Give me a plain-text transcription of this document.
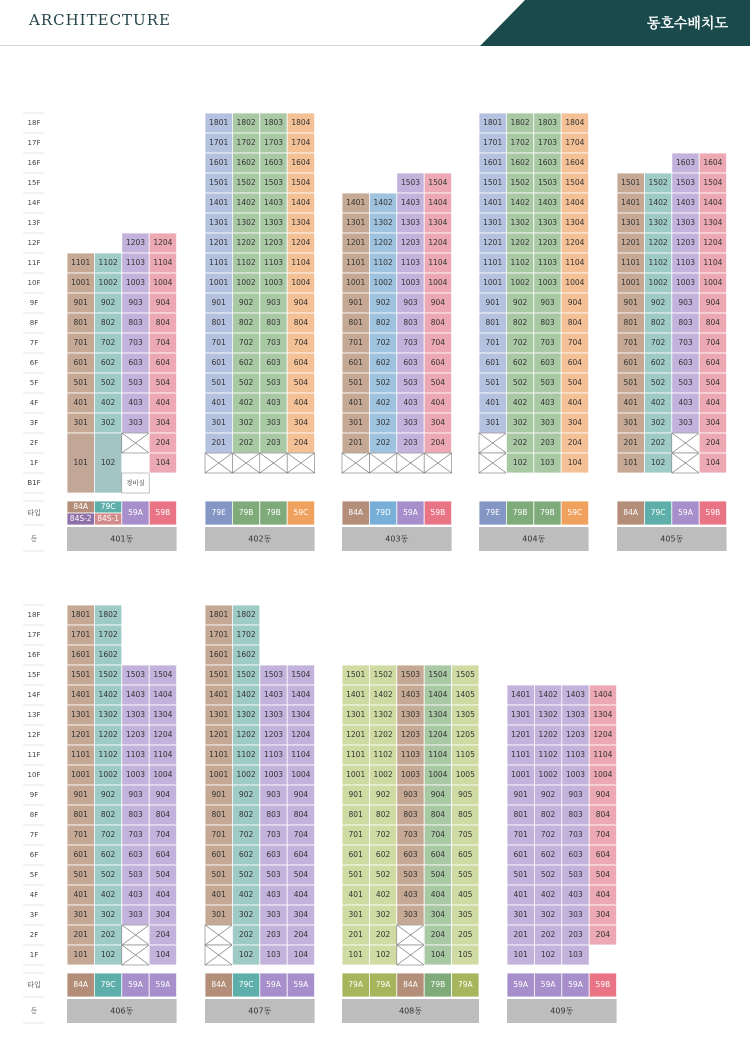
ARCHITECTURE	동호수배치도
18F
17F
16F
15F
14F
13F
12F
11F
10F
9F
8F
7F
6F
5F
4F
3F
2F
1F
B1F
타입
동
1101
1001
901
801
701
601
501
401
301
101
1102
1002
902
802
702
602
502
402
302
102
1203
1103
1003
903
803
703
603
503
403
303
경비실
1204
1104
1004
904
804
704
604
504
404
304
204
104
84A
84S-2
79C
84S-1
59A 59B
401동
1801
1701
1601
1501
1401
1301
1201
1101
1001
901
801
701
601
501
401
301
201
1802
1702
1602
1502
1402
1302
1202
1102
1002
902
802
702
602
502
402
302
202
1803
1703
1603
1503
1403
1303
1203
1103
1003
903
803
703
603
503
403
303
203
1804
1704
1604
1504
1404
1304
1204
1104
1004
904
804
704
604
504
404
304
204
79E 79B 79B 59C
402동
1401
1301
1201
1101
1001
901
801
701
601
501
401
301
201
1402
1302
1202
1102
1002
902
802
702
602
502
402
302
202
1503
1403
1303
1203
1103
1003
903
803
703
603
503
403
303
203
1504
1404
1304
1204
1104
1004
904
804
704
604
504
404
304
204
84A 79D 59A 59B
403동
1801
1701
1601
1501
1401
1301
1201
1101
1001
901
801
701
601
501
401
301
1802
1702
1602
1502
1402
1302
1202
1102
1002
902
802
702
602
502
402
302
202
102
1803
1703
1603
1503
1403
1303
1203
1103
1003
903
803
703
603
503
403
303
203
103
1804
1704
1604
1504
1404
1304
1204
1104
1004
904
804
704
604
504
404
304
204
104
79E 79B 79B 59C
404동
1501
1401
1301
1201
1101
1001
901
801
701
601
501
401
301
201
101
1502
1402
1302
1202
1102
1002
902
802
702
602
502
402
302
202
102
1603
1503
1403
1303
1203
1103
1003
903
803
703
603
503
403
303
1604
1504
1404
1304
1204
1104
1004
904
804
704
604
504
404
304
204
104
84A 79C 59A 59B
405동
18F
17F
16F
15F
14F
13F
12F
11F
10F
9F
8F
7F
6F
5F
4F
3F
2F
1F
타입
동
1801
1701
1601
1501
1401
1301
1201
1101
1001
901
801
701
601
501
401
301
201
101
1802
1702
1602
1502
1402
1302
1202
1102
1002
902
802
702
602
502
402
302
202
102
1503
1403
1303
1203
1103
1003
903
803
703
603
503
403
303
1504
1404
1304
1204
1104
1004
904
804
704
604
504
404
304
204
104
84A 79C 59A 59A
406동
1801
1701
1601
1501
1401
1301
1201
1101
1001
901
801
701
601
501
401
301
1802
1702
1602
1502
1402
1302
1202
1102
1002
902
802
702
602
502
402
302
202
102
1503
1403
1303
1203
1103
1003
903
803
703
603
503
403
303
203
103
1504
1404
1304
1204
1104
1004
904
804
704
604
504
404
304
204
104
84A 79C 59A 59A
407동
1501
1401
1301
1201
1101
1001
901
801
701
601
501
401
301
201
101
1502
1402
1302
1202
1102
1002
902
802
702
602
502
402
302
202
102
1503
1403
1303
1203
1103
1003
903
803
703
603
503
403
303
1504
1404
1304
1204
1104
1004
904
804
704
604
504
404
304
204
104
1505
1405
1305
1205
1105
1005
905
805
705
605
505
405
305
205
105
79A 79A 84A 79B 79A
408동
1401
1301
1201
1101
1001
901
801
701
601
501
401
301
201
101
1402
1302
1202
1102
1002
902
802
702
602
502
402
302
202
102
1403
1303
1203
1103
1003
903
803
703
603
503
403
303
203
103
1404
1304
1204
1104
1004
904
804
704
604
504
404
304
204
59A 59A 59A 59B
409동
